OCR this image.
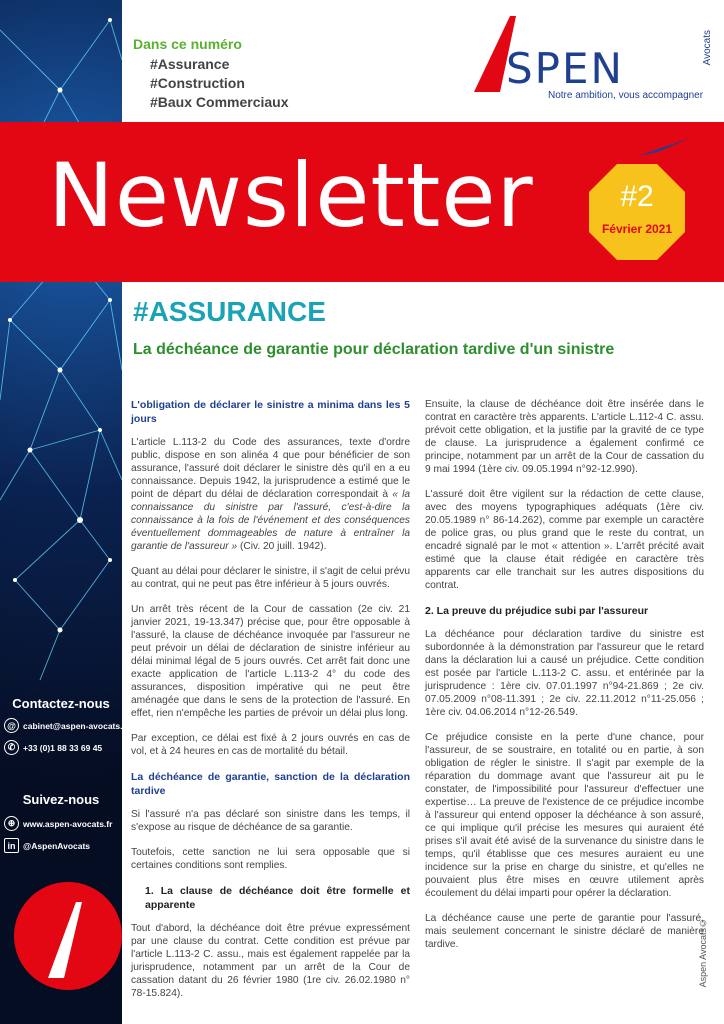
Dans ce numéro
#Assurance
#Construction
#Baux Commerciaux
SPEN	Avocats
Notre ambition, vous accompagner
Newsletter	#2
Février 2021
#ASSURANCE
La déchéance de garantie pour déclaration tardive d'un sinistre
L'obligation de déclarer le sinistre a minima dans les 5 jours

L'article L.113-2 du Code des assurances, texte d'ordre public, dispose en son alinéa 4 que pour bénéficier de son assurance, l'assuré doit déclarer le sinistre dès qu'il en a eu connaissance. Depuis 1942, la jurisprudence a estimé que le point de départ du délai de déclaration correspondait à « la connaissance du sinistre par l'assuré, c'est-à-dire la connaissance à la fois de l'événement et des conséquences éventuellement dommageables de nature à entraîner la garantie de l'assureur » (Civ. 20 juill. 1942).

Quant au délai pour déclarer le sinistre, il s'agit de celui prévu au contrat, qui ne peut pas être inférieur à 5 jours ouvrés.

Un arrêt très récent de la Cour de cassation (2e civ. 21 janvier 2021, 19-13.347) précise que, pour être opposable à l'assuré, la clause de déchéance invoquée par l'assureur ne peut prévoir un délai de déclaration de sinistre inférieur au délai minimal légal de 5 jours ouvrés. Cet arrêt fait donc une exacte application de l'article L.113-2 4° du code des assurances, disposition impérative qui ne peut être aménagée que dans le sens de la protection de l'assuré. En effet, rien n'empêche les parties de prévoir un délai plus long.

Par exception, ce délai est fixé à 2 jours ouvrés en cas de vol, et à 24 heures en cas de mortalité du bétail.

La déchéance de garantie, sanction de la déclaration tardive

Si l'assuré n'a pas déclaré son sinistre dans les temps, il s'expose au risque de déchéance de sa garantie.

Toutefois, cette sanction ne lui sera opposable que si certaines conditions sont remplies.

1. La clause de déchéance doit être formelle et apparente

Tout d'abord, la déchéance doit être prévue expressément par une clause du contrat. Cette condition est prévue par l'article L.113-2 C. assu., mais est également rappelée par la jurisprudence, notamment par un arrêt de la Cour de cassation datant du 26 février 1980 (1re civ. 26.02.1980 n° 78-15.824).

Ensuite, la clause de déchéance doit être insérée dans le contrat en caractère très apparents. L'article L.112-4 C. assu. prévoit cette obligation, et la justifie par la gravité de ce type de clause. La jurisprudence a également confirmé ce principe, notamment par un arrêt de la Cour de cassation du 9 mai 1994 (1ère civ. 09.05.1994 n°92-12.990).

L'assuré doit être vigilent sur la rédaction de cette clause, avec des moyens typographiques adéquats (1ère civ. 20.05.1989 n° 86-14.262), comme par exemple un caractère de police gras, ou plus grand que le reste du contrat, un encadré signalé par le mot « attention ». L'arrêt précité avait estimé que la clause était rédigée en caractère très apparents car elle tranchait sur les autres dispositions du contrat.

2. La preuve du préjudice subi par l'assureur

La déchéance pour déclaration tardive du sinistre est subordonnée à la démonstration par l'assureur que le retard dans la déclaration lui a causé un préjudice. Cette condition est posée par l'article L.113-2 C. assu. et entérinée par la jurisprudence : 1ère civ. 07.01.1997 n°94-21.869 ; 2e civ. 07.05.2009 n°08-11.391 ; 2e civ. 22.11.2012 n°11-25.056 ; 1ère civ. 04.06.2014 n°12-26.549.

Ce préjudice consiste en la perte d'une chance, pour l'assureur, de se soustraire, en totalité ou en partie, à son obligation de régler le sinistre. Il s'agit par exemple de la réparation du dommage avant que l'assureur ait pu le constater, de l'impossibilité pour l'assureur d'effectuer une expertise… La preuve de l'existence de ce préjudice incombe à l'assureur qui entend opposer la déchéance à son assuré, ce qui implique qu'il précise les mesures qui auraient été prises s'il avait été avisé de la survenance du sinistre dans le temps, qu'il établisse que ces mesures auraient eu une incidence sur la prise en charge du sinistre, et qu'elles ne pouvaient plus être mises en œuvre utilement après écoulement du délai imparti pour opérer la déclaration.

La déchéance cause une perte de garantie pour l'assuré, mais seulement concernant le sinistre déclaré de manière tardive.

Contactez-nous
@ cabinet@aspen-avocats.fr
✆ +33 (0)1 88 33 69 45
Suivez-nous
⊕ www.aspen-avocats.fr
in @AspenAvocats
Aspen Avocats©
